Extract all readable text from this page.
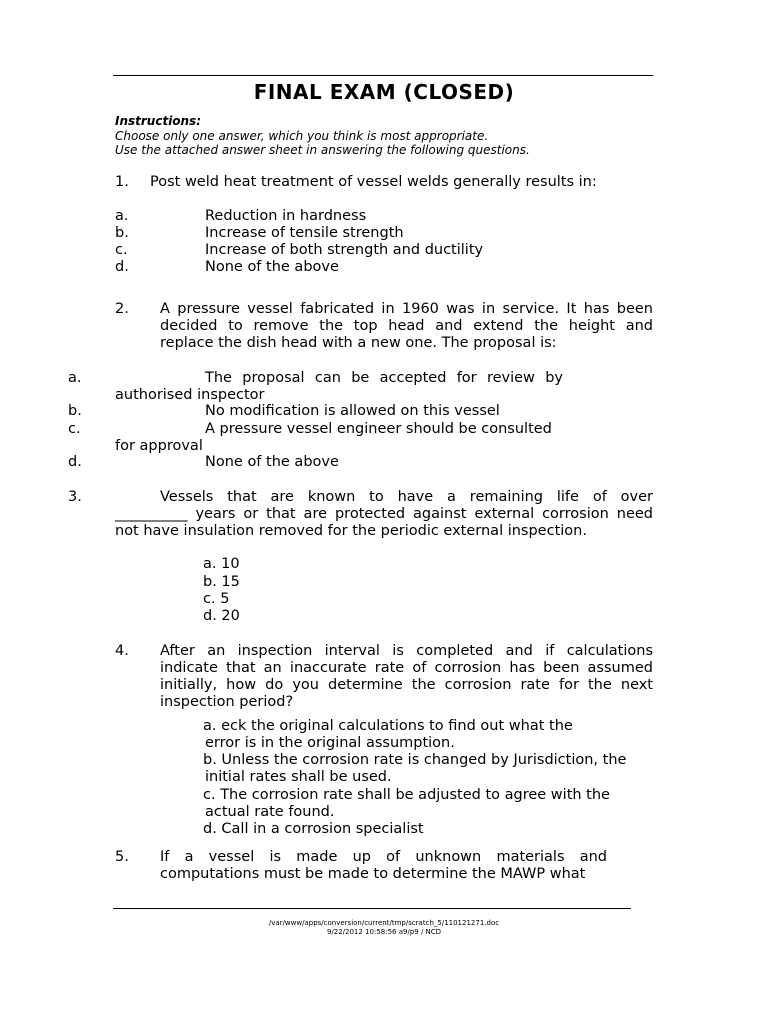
FINAL EXAM (CLOSED)
Instructions:
Choose only one answer, which you think is most appropriate.
Use the attached answer sheet in answering the following questions.
1. Post weld heat treatment of vessel welds generally results in:
a.	Reduction in hardness
b.	Increase of tensile strength
c.	Increase of both strength and ductility
d.	None of the above
2. A pressure vessel fabricated in 1960 was in service. It has been
decided to remove the top head and extend the height and
replace the dish head with a new one. The proposal is:
a.	The proposal can be accepted for review by
authorised inspector
b.	No modification is allowed on this vessel
c.	A pressure vessel engineer should be consulted
for approval
d.	None of the above
3.	Vessels that are known to have a remaining life of over
__________ years or that are protected against external corrosion need
not have insulation removed for the periodic external inspection.
a. 10
b. 15
c. 5
d. 20
4. After an inspection interval is completed and if calculations
indicate that an inaccurate rate of corrosion has been assumed
initially, how do you determine the corrosion rate for the next
inspection period?
a. eck the original calculations to find out what the
error is in the original assumption.
b. Unless the corrosion rate is changed by Jurisdiction, the
initial rates shall be used.
c. The corrosion rate shall be adjusted to agree with the
actual rate found.
d. Call in a corrosion specialist
5. If a vessel is made up of unknown materials and
computations must be made to determine the MAWP what
/var/www/apps/conversion/current/tmp/scratch_5/110121271.doc
9/22/2012 10:58:56 a9/p9 / NCD
